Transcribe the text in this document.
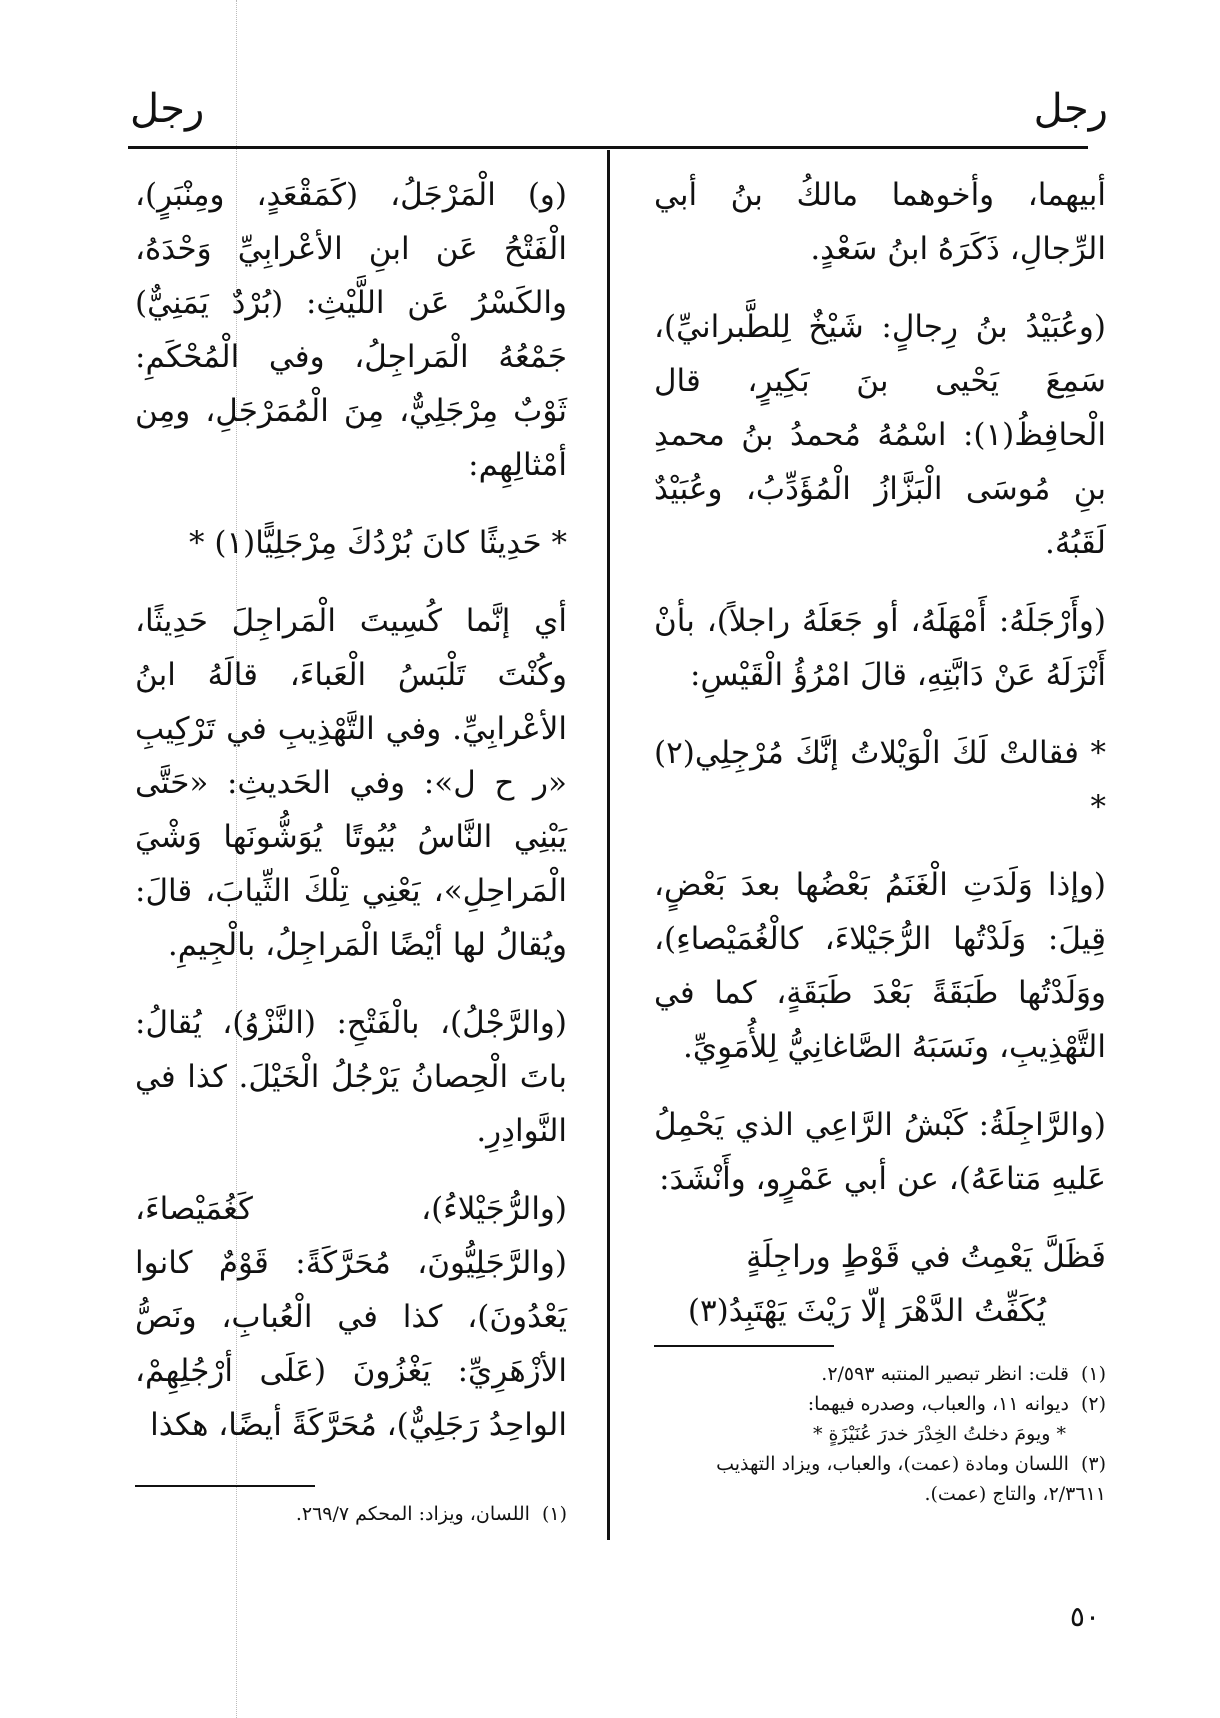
رجل
رجل

أبيهما، وأخوهما مالكُ بنُ أبي الرِّجالِ، ذَكَرَهُ ابنُ سَعْدٍ.

(وعُبَيْدُ بنُ رِجالٍ: شَيْخٌ لِلطَّبرانيِّ)، سَمِعَ يَحْيى بنَ بَكِيرٍ، قال الْحافِظُ(١): اسْمُهُ مُحمدُ بنُ محمدِ بنِ مُوسَى الْبَزَّازُ الْمُؤَدِّبُ، وعُبَيْدٌ لَقَبُهُ.

(وأَرْجَلَهُ: أَمْهَلَهُ، أو جَعَلَهُ راجلاً)، بأنْ أَنْزَلَهُ عَنْ دَابَّتِهِ، قالَ امْرُؤُ الْقَيْسِ:

* فقالتْ لَكَ الْوَيْلاتُ إنَّكَ مُرْجِلِي(٢) *

(وإذا وَلَدَتِ الْغَنَمُ بَعْضُها بعدَ بَعْضٍ، قِيلَ: وَلَدْتُها الرُّجَيْلاءَ، كالْغُمَيْصاءِ)، ووَلَدْتُها طَبَقَةً بَعْدَ طَبَقَةٍ، كما في التَّهْذِيبِ، ونَسَبَهُ الصَّاغانِيُّ لِلأُمَوِيِّ.

(والرَّاجِلَةُ: كَبْشُ الرَّاعِي الذي يَحْمِلُ عَليهِ مَتاعَهُ)، عن أبي عَمْرٍو، وأَنْشَدَ:

فَظَلَّ يَعْمِتُ في قَوْطٍ وراجِلَةٍ
يُكَفِّتُ الدَّهْرَ إلّا رَيْثَ يَهْتَبِدُ(٣)
(١)قلت: انظر تبصير المنتبه ٢/٥٩٣.
(٢)ديوانه ١١، والعباب، وصدره فيهما:
* ويومَ دخلتُ الخِدْرَ خدرَ عُنَيْزَةٍ *
(٣)اللسان ومادة (عمت)، والعباب، ويزاد التهذيب ٢/٣٦١١، والتاج (عمت).

(و) الْمَرْجَلُ، (كَمَقْعَدٍ، ومِنْبَرٍ)، الْفَتْحُ عَن ابنِ الأعْرابِيِّ وَحْدَهُ، والكَسْرُ عَن اللَّيْثِ: (بُرْدٌ يَمَنِيٌّ) جَمْعُهُ الْمَراجِلُ، وفي الْمُحْكَمِ: ثَوْبٌ مِرْجَلِيٌّ، مِنَ الْمُمَرْجَلِ، ومِن أمْثالِهِم:

* حَدِيثًا كانَ بُرْدُكَ مِرْجَلِيًّا(١) *

أي إنَّما كُسِيتَ الْمَراجِلَ حَدِيثًا، وكُنْتَ تَلْبَسُ الْعَباءَ، قالَهُ ابنُ الأعْرابِيِّ. وفي التَّهْذِيبِ في تَرْكِيبِ «ر ح ل»: وفي الحَديثِ: «حَتَّى يَبْنِي النَّاسُ بُيُوتًا يُوَشُّونَها وَشْيَ الْمَراحِلِ»، يَعْنِي تِلْكَ الثِّيابَ، قالَ: ويُقالُ لها أيْضًا الْمَراجِلُ، بالْجِيمِ.

(والرَّجْلُ)، بالْفَتْحِ: (النَّزْوُ)، يُقالُ: باتَ الْحِصانُ يَرْجُلُ الْخَيْلَ. كذا في النَّوادِرِ.

(والرُّجَيْلاءُ)، كَغُمَيْصاءَ، (والرَّجَلِيُّونَ، مُحَرَّكَةً: قَوْمٌ كانوا يَعْدُونَ)، كذا في الْعُبابِ، ونَصُّ الأزْهَرِيِّ: يَغْزُونَ (عَلَى أرْجُلِهِمْ، الواحِدُ رَجَلِيٌّ)، مُحَرَّكَةً أيضًا، هكذا

(١)اللسان، ويزاد: المحكم ٢٦٩/٧.
٥٠
